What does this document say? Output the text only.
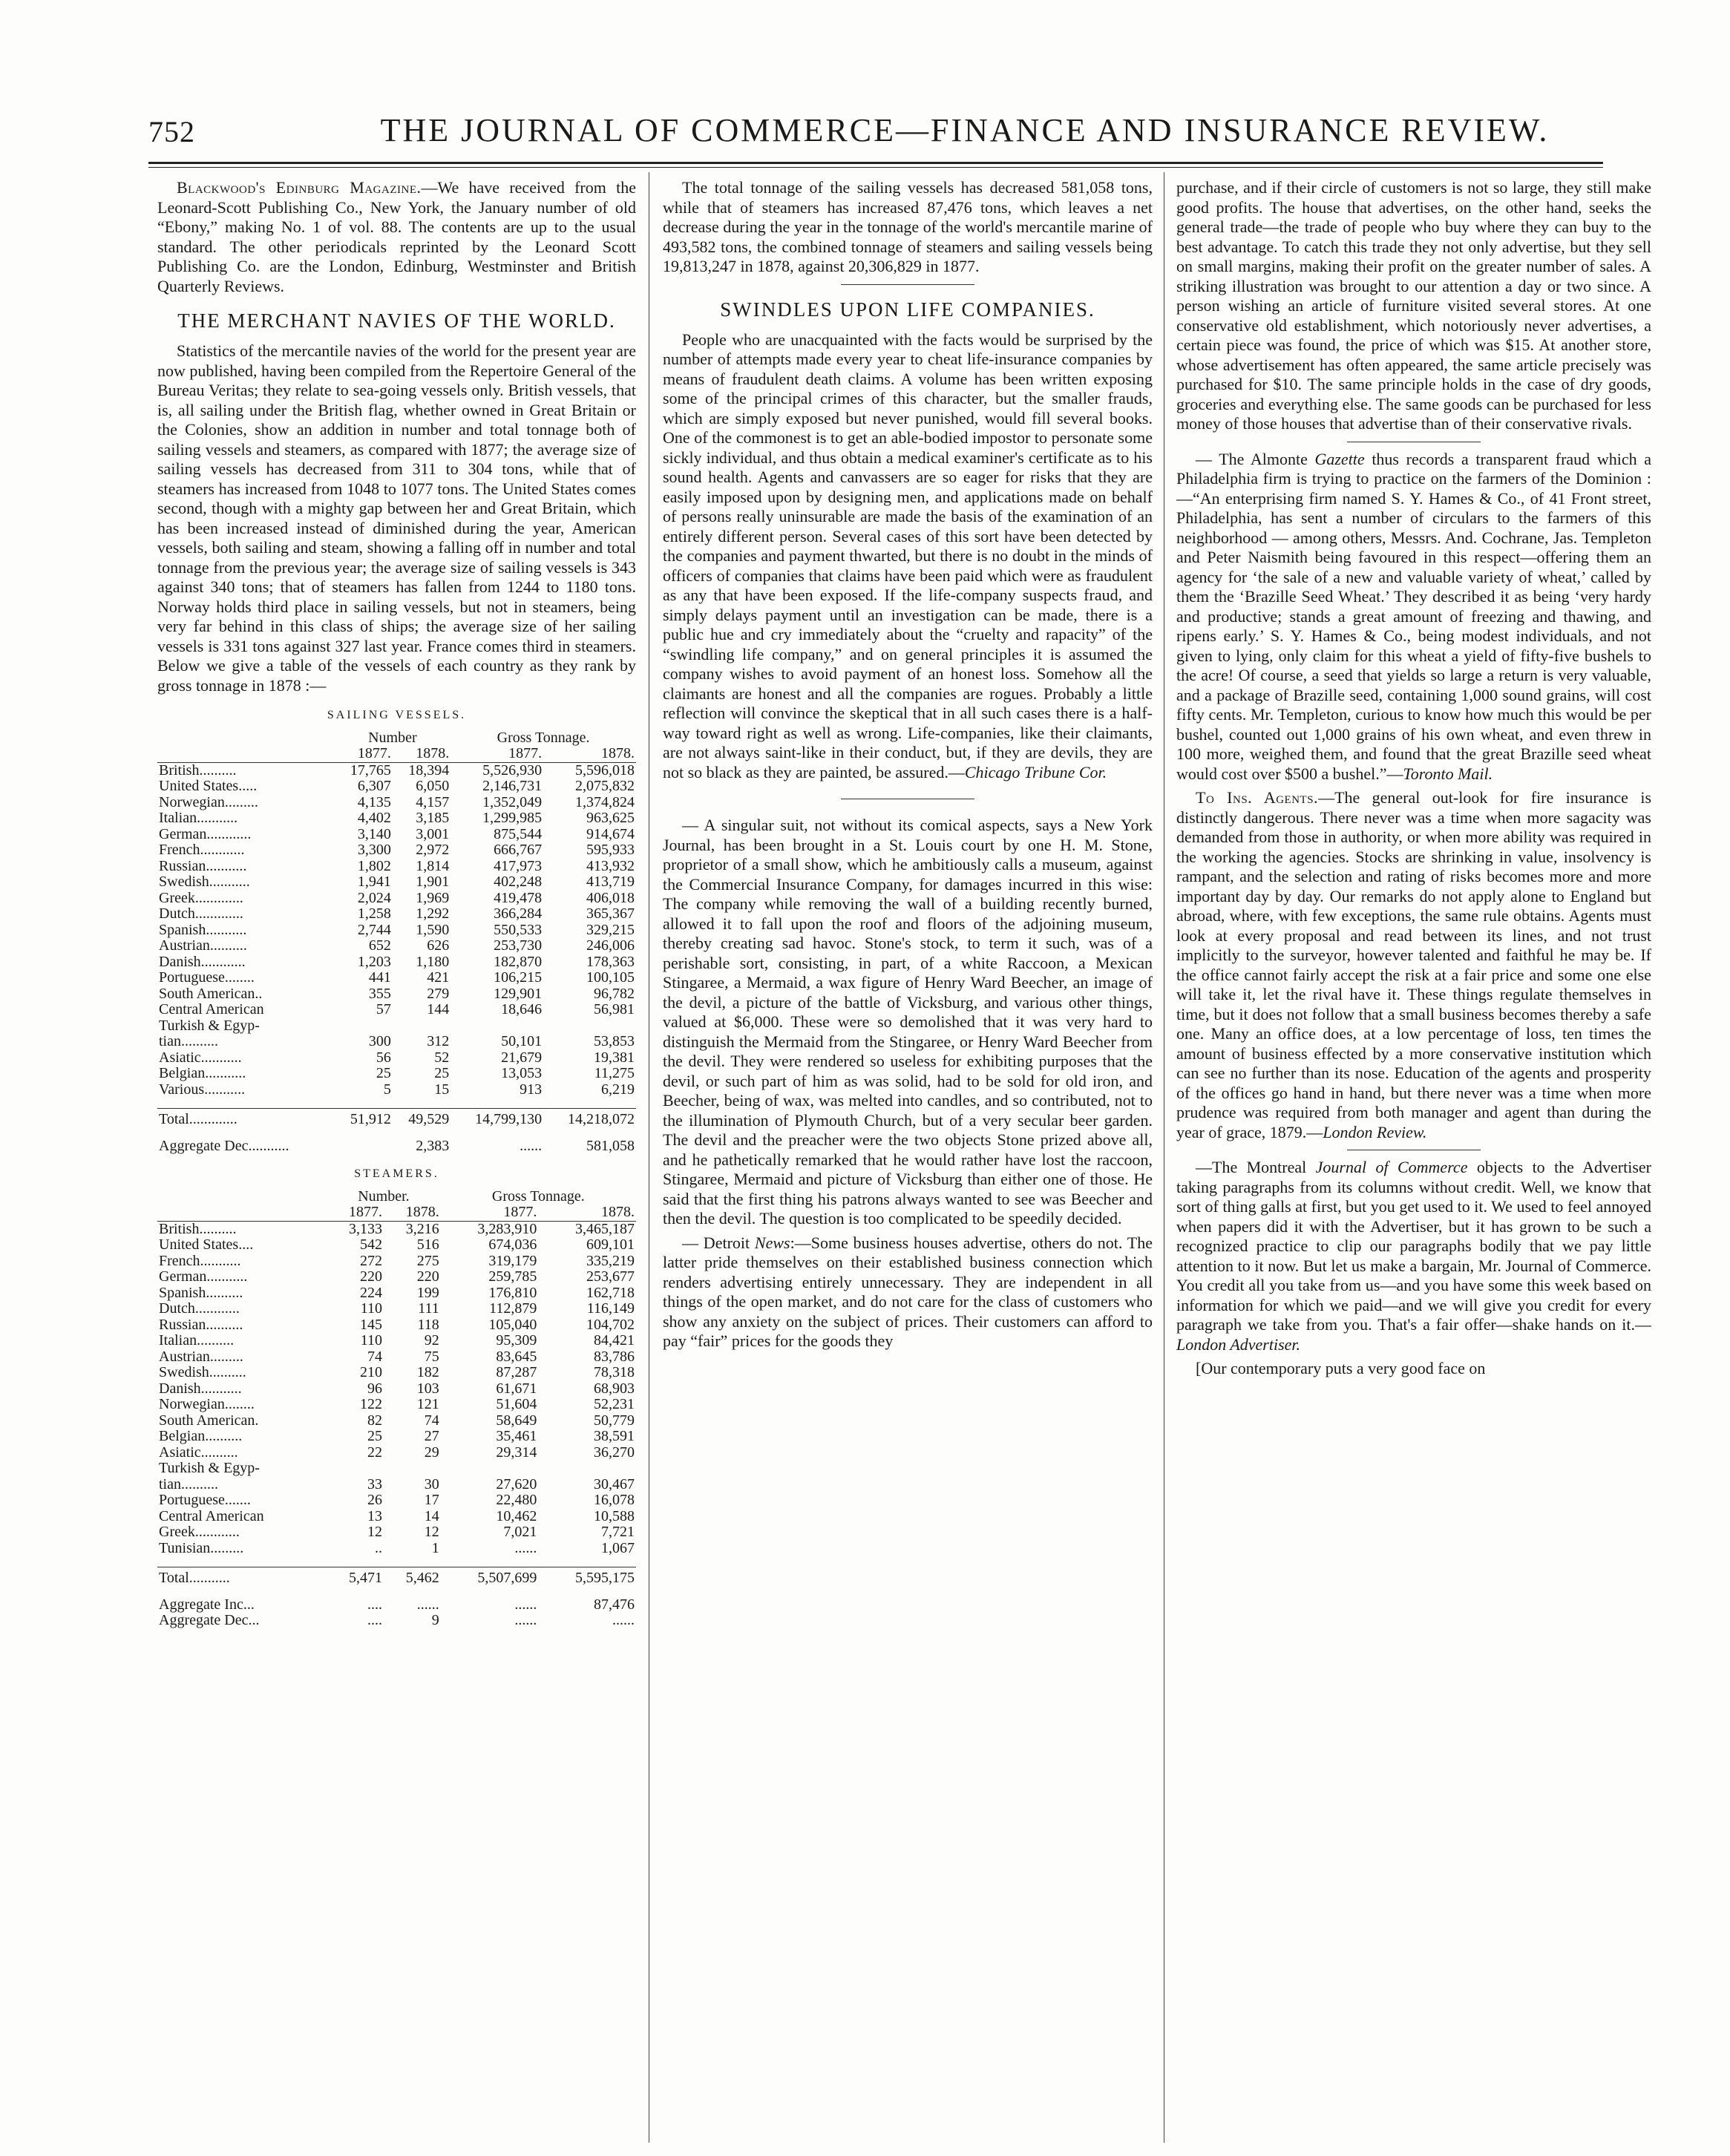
752	THE JOURNAL OF COMMERCE—FINANCE AND INSURANCE REVIEW.

Blackwood's Edinburg Magazine.—We have received from the Leonard-Scott Publishing Co., New York, the January number of old “Ebony,” making No. 1 of vol. 88. The contents are up to the usual standard. The other periodicals reprinted by the Leonard Scott Publishing Co. are the London, Edinburg, Westminster and British Quarterly Reviews.

THE MERCHANT NAVIES OF THE WORLD.

Statistics of the mercantile navies of the world for the present year are now published, having been compiled from the Repertoire General of the Bureau Veritas; they relate to sea-going vessels only. British vessels, that is, all sailing under the British flag, whether owned in Great Britain or the Colonies, show an addition in number and total tonnage both of sailing vessels and steamers, as compared with 1877; the average size of sailing vessels has decreased from 311 to 304 tons, while that of steamers has increased from 1048 to 1077 tons. The United States comes second, though with a mighty gap between her and Great Britain, which has been increased instead of diminished during the year, American vessels, both sailing and steam, showing a falling off in number and total tonnage from the previous year; the average size of sailing vessels is 343 against 340 tons; that of steamers has fallen from 1244 to 1180 tons. Norway holds third place in sailing vessels, but not in steamers, being very far behind in this class of ships; the average size of her sailing vessels is 331 tons against 327 last year. France comes third in steamers. Below we give a table of the vessels of each country as they rank by gross tonnage in 1878 :—

SAILING VESSELS.
	Number		Gross Tonnage.	
	1877.	1878.	1877.	1878.
British..........	17,765	18,394	5,526,930	5,596,018
United States.....	6,307	6,050	2,146,731	2,075,832
Norwegian.........	4,135	4,157	1,352,049	1,374,824
Italian...........	4,402	3,185	1,299,985	963,625
German............	3,140	3,001	875,544	914,674
French............	3,300	2,972	666,767	595,933
Russian...........	1,802	1,814	417,973	413,932
Swedish...........	1,941	1,901	402,248	413,719
Greek.............	2,024	1,969	419,478	406,018
Dutch.............	1,258	1,292	366,284	365,367
Spanish...........	2,744	1,590	550,533	329,215
Austrian..........	652	626	253,730	246,006
Danish............	1,203	1,180	182,870	178,363
Portuguese........	441	421	106,215	100,105
South American..	355	279	129,901	96,782
Central American	57	144	18,646	56,981
Turkish & Egyp-				
tian..........	300	312	50,101	53,853
Asiatic...........	56	52	21,679	19,381
Belgian...........	25	25	13,053	11,275
Various...........	5	15	913	6,219

Total.............	51,912	49,529	14,799,130	14,218,072

Aggregate Dec...........		2,383	......	581,058
STEAMERS.
	Number.		Gross Tonnage.	
	1877.	1878.	1877.	1878.
British..........	3,133	3,216	3,283,910	3,465,187
United States....	542	516	674,036	609,101
French...........	272	275	319,179	335,219
German...........	220	220	259,785	253,677
Spanish..........	224	199	176,810	162,718
Dutch............	110	111	112,879	116,149
Russian..........	145	118	105,040	104,702
Italian..........	110	92	95,309	84,421
Austrian.........	74	75	83,645	83,786
Swedish..........	210	182	87,287	78,318
Danish...........	96	103	61,671	68,903
Norwegian........	122	121	51,604	52,231
South American.	82	74	58,649	50,779
Belgian..........	25	27	35,461	38,591
Asiatic..........	22	29	29,314	36,270
Turkish & Egyp-				
tian..........	33	30	27,620	30,467
Portuguese.......	26	17	22,480	16,078
Central American	13	14	10,462	10,588
Greek............	12	12	7,021	7,721
Tunisian.........	..	1	......	1,067

Total...........	5,471	5,462	5,507,699	5,595,175

Aggregate Inc...	....	......	......	87,476
Aggregate Dec...	....	9	......	......

The total tonnage of the sailing vessels has decreased 581,058 tons, while that of steamers has increased 87,476 tons, which leaves a net decrease during the year in the tonnage of the world's mercantile marine of 493,582 tons, the combined tonnage of steamers and sailing vessels being 19,813,247 in 1878, against 20,306,829 in 1877.

SWINDLES UPON LIFE COMPANIES.

People who are unacquainted with the facts would be surprised by the number of attempts made every year to cheat life-insurance companies by means of fraudulent death claims. A volume has been written exposing some of the principal crimes of this character, but the smaller frauds, which are simply exposed but never punished, would fill several books. One of the commonest is to get an able-bodied impostor to personate some sickly individual, and thus obtain a medical examiner's certificate as to his sound health. Agents and canvassers are so eager for risks that they are easily imposed upon by designing men, and applications made on behalf of persons really uninsurable are made the basis of the examination of an entirely different person. Several cases of this sort have been detected by the companies and payment thwarted, but there is no doubt in the minds of officers of companies that claims have been paid which were as fraudulent as any that have been exposed. If the life-company suspects fraud, and simply delays payment until an investigation can be made, there is a public hue and cry immediately about the “cruelty and rapacity” of the “swindling life company,” and on general principles it is assumed the company wishes to avoid payment of an honest loss. Somehow all the claimants are honest and all the companies are rogues. Probably a little reflection will convince the skeptical that in all such cases there is a half-way toward right as well as wrong. Life-companies, like their claimants, are not always saint-like in their conduct, but, if they are devils, they are not so black as they are painted, be assured.—Chicago Tribune Cor.

— A singular suit, not without its comical aspects, says a New York Journal, has been brought in a St. Louis court by one H. M. Stone, proprietor of a small show, which he ambitiously calls a museum, against the Commercial Insurance Company, for damages incurred in this wise: The company while removing the wall of a building recently burned, allowed it to fall upon the roof and floors of the adjoining museum, thereby creating sad havoc. Stone's stock, to term it such, was of a perishable sort, consisting, in part, of a white Raccoon, a Mexican Stingaree, a Mermaid, a wax figure of Henry Ward Beecher, an image of the devil, a picture of the battle of Vicksburg, and various other things, valued at $6,000. These were so demolished that it was very hard to distinguish the Mermaid from the Stingaree, or Henry Ward Beecher from the devil. They were rendered so useless for exhibiting purposes that the devil, or such part of him as was solid, had to be sold for old iron, and Beecher, being of wax, was melted into candles, and so contributed, not to the illumination of Plymouth Church, but of a very secular beer garden. The devil and the preacher were the two objects Stone prized above all, and he pathetically remarked that he would rather have lost the raccoon, Stingaree, Mermaid and picture of Vicksburg than either one of those. He said that the first thing his patrons always wanted to see was Beecher and then the devil. The question is too complicated to be speedily decided.

— Detroit News:—Some business houses advertise, others do not. The latter pride themselves on their established business connection which renders advertising entirely unnecessary. They are independent in all things of the open market, and do not care for the class of customers who show any anxiety on the subject of prices. Their customers can afford to pay “fair” prices for the goods they

purchase, and if their circle of customers is not so large, they still make good profits. The house that advertises, on the other hand, seeks the general trade—the trade of people who buy where they can buy to the best advantage. To catch this trade they not only advertise, but they sell on small margins, making their profit on the greater number of sales. A striking illustration was brought to our attention a day or two since. A person wishing an article of furniture visited several stores. At one conservative old establishment, which notoriously never advertises, a certain piece was found, the price of which was $15. At another store, whose advertisement has often appeared, the same article precisely was purchased for $10. The same principle holds in the case of dry goods, groceries and everything else. The same goods can be purchased for less money of those houses that advertise than of their conservative rivals.

— The Almonte Gazette thus records a transparent fraud which a Philadelphia firm is trying to practice on the farmers of the Dominion :—“An enterprising firm named S. Y. Hames & Co., of 41 Front street, Philadelphia, has sent a number of circulars to the farmers of this neighborhood — among others, Messrs. And. Cochrane, Jas. Templeton and Peter Naismith being favoured in this respect—offering them an agency for ‘the sale of a new and valuable variety of wheat,’ called by them the ‘Brazille Seed Wheat.’ They described it as being ‘very hardy and productive; stands a great amount of freezing and thawing, and ripens early.’ S. Y. Hames & Co., being modest individuals, and not given to lying, only claim for this wheat a yield of fifty-five bushels to the acre! Of course, a seed that yields so large a return is very valuable, and a package of Brazille seed, containing 1,000 sound grains, will cost fifty cents. Mr. Templeton, curious to know how much this would be per bushel, counted out 1,000 grains of his own wheat, and even threw in 100 more, weighed them, and found that the great Brazille seed wheat would cost over $500 a bushel.”—Toronto Mail.

To Ins. Agents.—The general out-look for fire insurance is distinctly dangerous. There never was a time when more sagacity was demanded from those in authority, or when more ability was required in the working the agencies. Stocks are shrinking in value, insolvency is rampant, and the selection and rating of risks becomes more and more important day by day. Our remarks do not apply alone to England but abroad, where, with few exceptions, the same rule obtains. Agents must look at every proposal and read between its lines, and not trust implicitly to the surveyor, however talented and faithful he may be. If the office cannot fairly accept the risk at a fair price and some one else will take it, let the rival have it. These things regulate themselves in time, but it does not follow that a small business becomes thereby a safe one. Many an office does, at a low percentage of loss, ten times the amount of business effected by a more conservative institution which can see no further than its nose. Education of the agents and prosperity of the offices go hand in hand, but there never was a time when more prudence was required from both manager and agent than during the year of grace, 1879.—London Review.

—The Montreal Journal of Commerce objects to the Advertiser taking paragraphs from its columns without credit. Well, we know that sort of thing galls at first, but you get used to it. We used to feel annoyed when papers did it with the Advertiser, but it has grown to be such a recognized practice to clip our paragraphs bodily that we pay little attention to it now. But let us make a bargain, Mr. Journal of Commerce. You credit all you take from us—and you have some this week based on information for which we paid—and we will give you credit for every paragraph we take from you. That's a fair offer—shake hands on it.—London Advertiser.

[Our contemporary puts a very good face on
